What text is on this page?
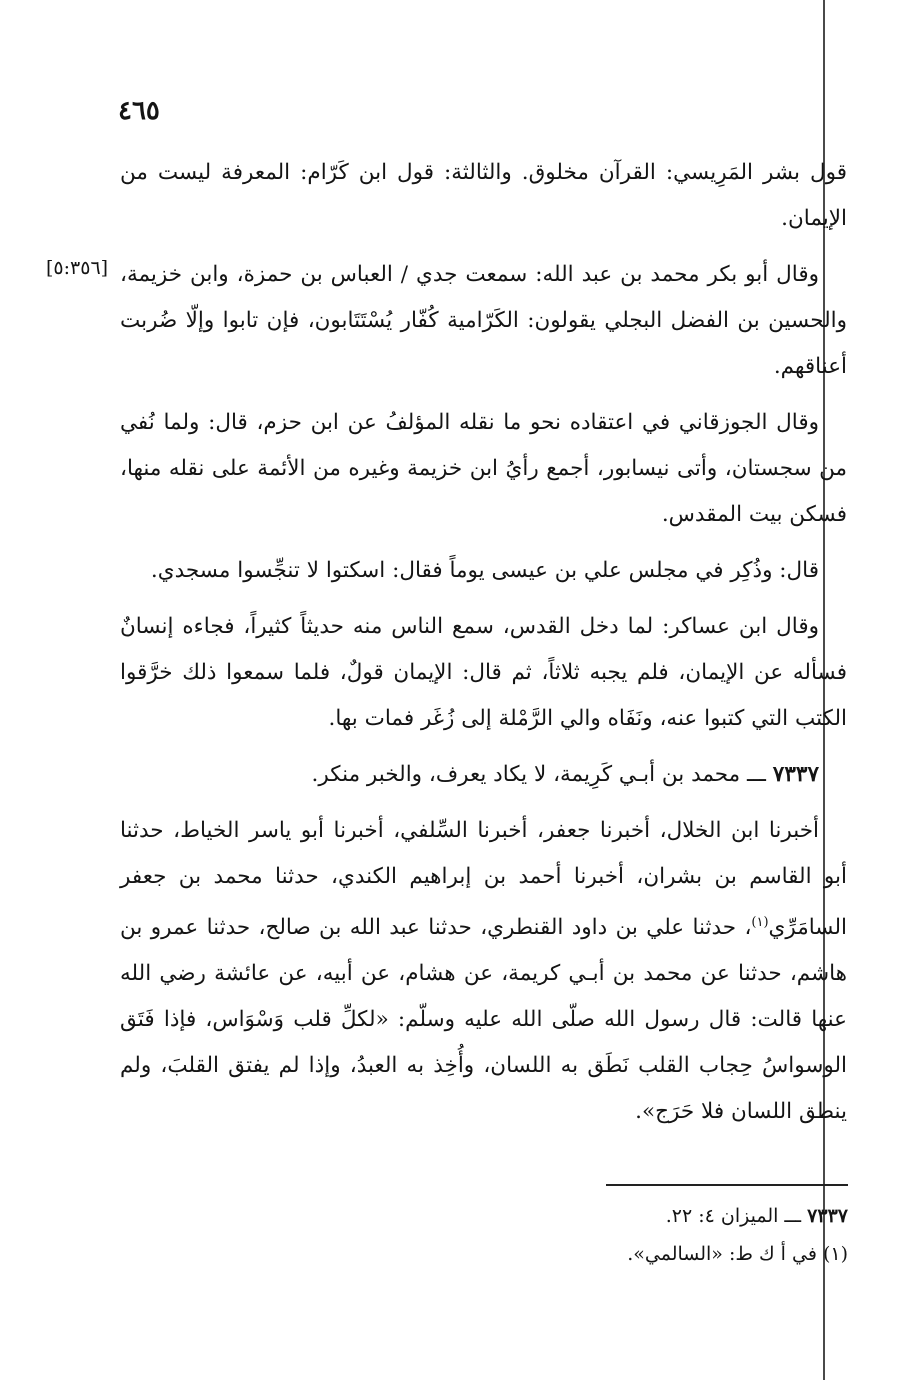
٤٦٥
[٥:٣٥٦]

قول بشر المَرِيسي: القرآن مخلوق. والثالثة: قول ابن كَرّام: المعرفة ليست من الإيمان.

وقال أبو بكر محمد بن عبد الله: سمعت جدي / العباس بن حمزة، وابن خزيمة، والحسين بن الفضل البجلي يقولون: الكَرّامية كُفّار يُسْتَتَابون، فإن تابوا وإلّا ضُربت أعناقهم.

وقال الجوزقاني في اعتقاده نحو ما نقله المؤلفُ عن ابن حزم، قال: ولما نُفي من سجستان، وأتى نيسابور، أجمع رأيُ ابن خزيمة وغيره من الأئمة على نقله منها، فسكن بيت المقدس.

قال: وذُكِر في مجلس علي بن عيسى يوماً فقال: اسكتوا لا تنجِّسوا مسجدي.

وقال ابن عساكر: لما دخل القدس، سمع الناس منه حديثاً كثيراً، فجاءه إنسانٌ فسأله عن الإيمان، فلم يجبه ثلاثاً، ثم قال: الإيمان قولٌ، فلما سمعوا ذلك خرَّقوا الكتب التي كتبوا عنه، ونَفَاه والي الرَّمْلة إلى زُغَر فمات بها.

٧٣٣٧ ـــ محمد بن أبـي كَرِيمة، لا يكاد يعرف، والخبر منكر.

أخبرنا ابن الخلال، أخبرنا جعفر، أخبرنا السِّلفي، أخبرنا أبو ياسر الخياط، حدثنا أبو القاسم بن بشران، أخبرنا أحمد بن إبراهيم الكندي، حدثنا محمد بن جعفر السامَرِّي$^{(١)}$، حدثنا علي بن داود القنطري، حدثنا عبد الله بن صالح، حدثنا عمرو بن هاشم، حدثنا عن محمد بن أبـي كريمة، عن هشام، عن أبيه، عن عائشة رضي الله عنها قالت: قال رسول الله صلّى الله عليه وسلّم: «لكلِّ قلب وَسْوَاس، فإذا فَتَق الوسواسُ حِجاب القلب نَطَق به اللسان، وأُخِذ به العبدُ، وإذا لم يفتق القلبَ، ولم ينطق اللسان فلا حَرَج».

٧٣٣٧ ـــ الميزان ٤: ٢٢.
(١) في أ ك ط: «السالمي».
